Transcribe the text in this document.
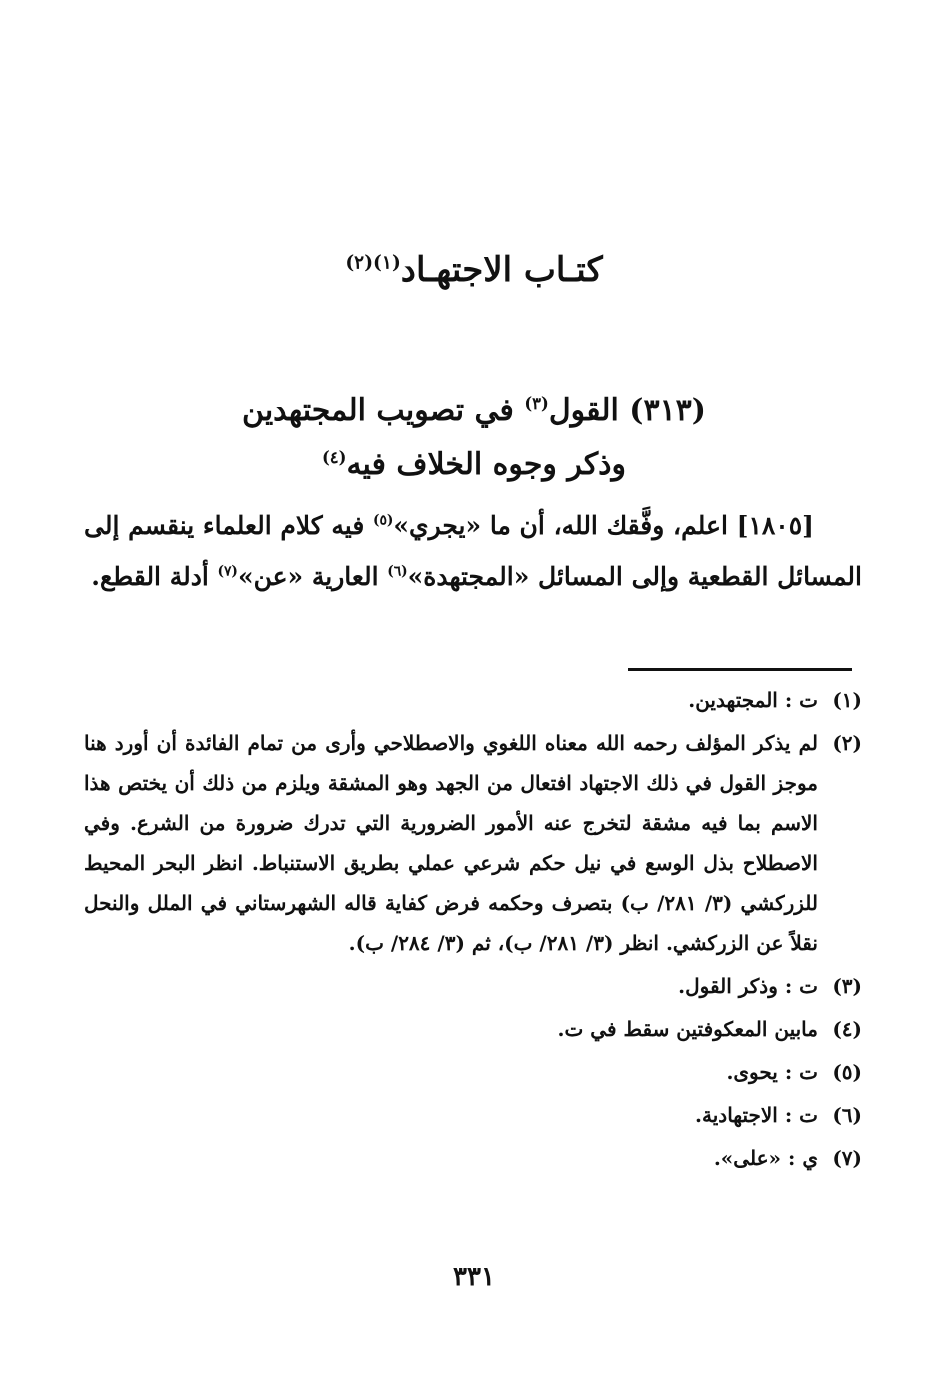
كتـاب الاجتهـاد$^{(١)(٢)}$
(٣١٣) القول$^{(٣)}$ في تصويب المجتهدين
وذكر وجوه الخلاف فيه$^{(٤)}$
[١٨٠٥] اعلم، وفَّقك الله، أن ما «يجري»$^{(٥)}$ فيه كلام العلماء ينقسم إلى المسائل القطعية وإلى المسائل «المجتهدة»$^{(٦)}$ العارية «عن»$^{(٧)}$ أدلة القطع.
(١)
ت : المجتهدين.
(٢)
لم يذكر المؤلف رحمه الله معناه اللغوي والاصطلاحي وأرى من تمام الفائدة أن أورد هنا موجز القول في ذلك الاجتهاد افتعال من الجهد وهو المشقة ويلزم من ذلك أن يختص هذا الاسم بما فيه مشقة لتخرج عنه الأمور الضرورية التي تدرك ضرورة من الشرع. وفي الاصطلاح بذل الوسع في نيل حكم شرعي عملي بطريق الاستنباط. انظر البحر المحيط للزركشي (٣/ ٢٨١/ ب) بتصرف وحكمه فرض كفاية قاله الشهرستاني في الملل والنحل نقلاً عن الزركشي. انظر (٣/ ٢٨١/ ب)، ثم (٣/ ٢٨٤/ ب).
(٣)
ت : وذكر القول.
(٤)
مابين المعكوفتين سقط في ت.
(٥)
ت : يحوى.
(٦)
ت : الاجتهادية.
(٧)
ي : «على».
٣٣١
